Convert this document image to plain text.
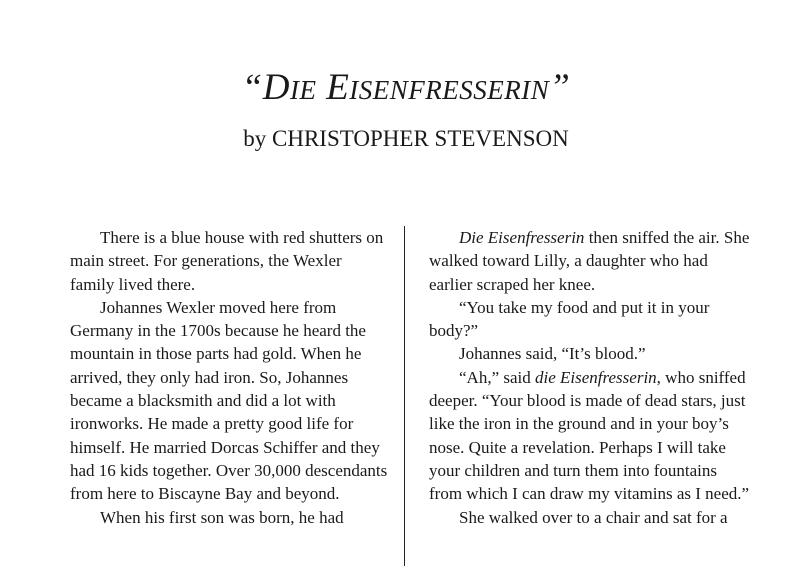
“DIE EISENFRESSERIN”
by CHRISTOPHER STEVENSON

There is a blue house with red shutters on main street. For generations, the Wexler family lived there.

Johannes Wexler moved here from Germany in the 1700s because he heard the mountain in those parts had gold. When he arrived, they only had iron. So, Johannes became a blacksmith and did a lot with ironworks. He made a pretty good life for himself. He married Dorcas Schiffer and they had 16 kids together. Over 30,000 descendants from here to Biscayne Bay and beyond.

When his first son was born, he had

Die Eisenfresserin then sniffed the air. She walked toward Lilly, a daughter who had earlier scraped her knee.

“You take my food and put it in your body?”

Johannes said, “It’s blood.”

“Ah,” said die Eisenfresserin, who sniffed deeper. “Your blood is made of dead stars, just like the iron in the ground and in your boy’s nose. Quite a revelation. Perhaps I will take your children and turn them into fountains from which I can draw my vitamins as I need.”

She walked over to a chair and sat for a
